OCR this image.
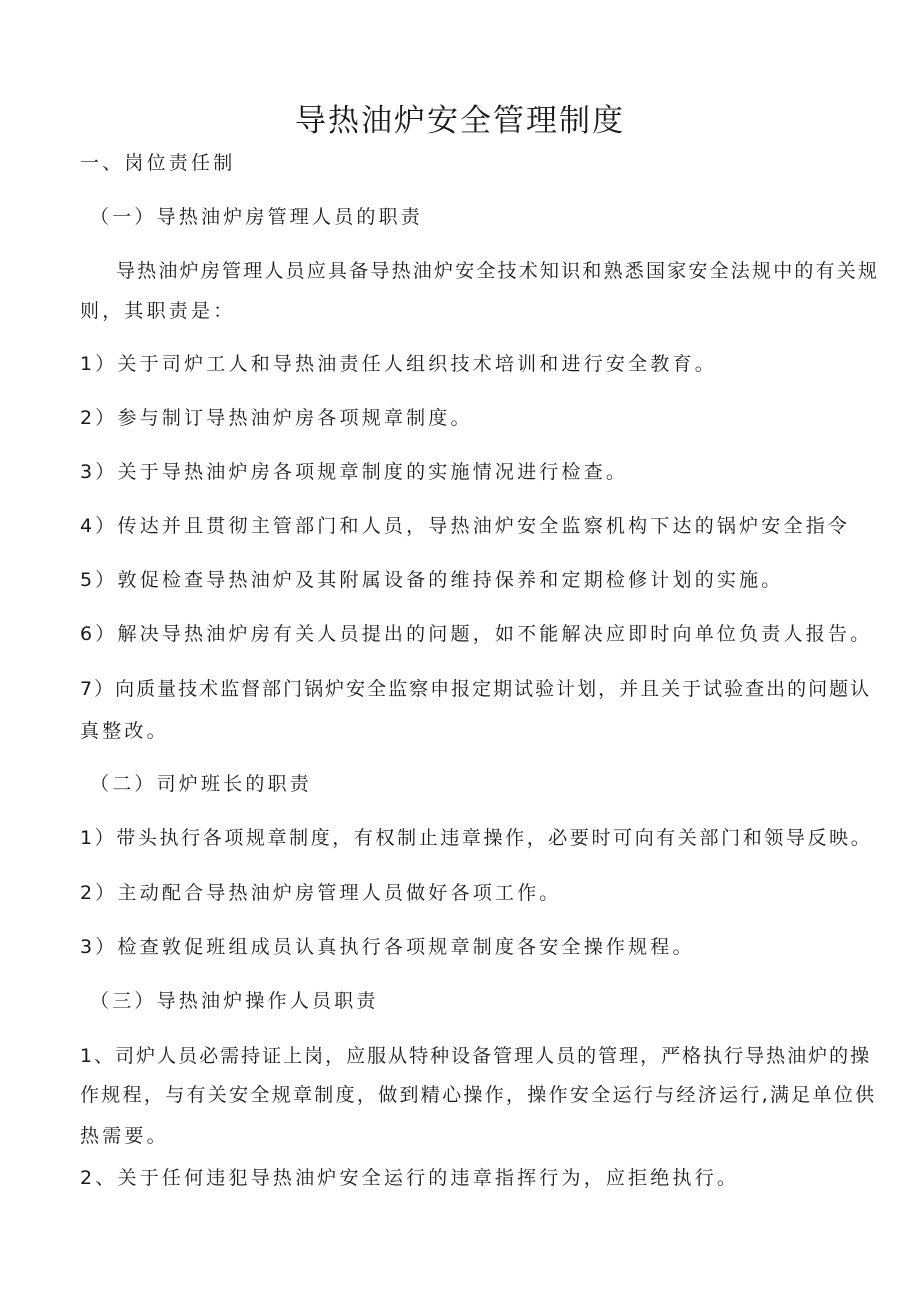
导热油炉安全管理制度
一、岗位责任制
（一）导热油炉房管理人员的职责
导热油炉房管理人员应具备导热油炉安全技术知识和熟悉国家安全法规中的有关规
则，其职责是：
1）关于司炉工人和导热油责任人组织技术培训和进行安全教育。
2）参与制订导热油炉房各项规章制度。
3）关于导热油炉房各项规章制度的实施情况进行检查。
4）传达并且贯彻主管部门和人员，导热油炉安全监察机构下达的锅炉安全指令
5）敦促检查导热油炉及其附属设备的维持保养和定期检修计划的实施。
6）解决导热油炉房有关人员提出的问题，如不能解决应即时向单位负责人报告。
7）向质量技术监督部门锅炉安全监察申报定期试验计划，并且关于试验查出的问题认
真整改。
（二）司炉班长的职责
1）带头执行各项规章制度，有权制止违章操作，必要时可向有关部门和领导反映。
2）主动配合导热油炉房管理人员做好各项工作。
3）检查敦促班组成员认真执行各项规章制度各安全操作规程。
（三）导热油炉操作人员职责
1、司炉人员必需持证上岗，应服从特种设备管理人员的管理，严格执行导热油炉的操
作规程，与有关安全规章制度，做到精心操作，操作安全运行与经济运行,满足单位供
热需要。
2、关于任何违犯导热油炉安全运行的违章指挥行为，应拒绝执行。
